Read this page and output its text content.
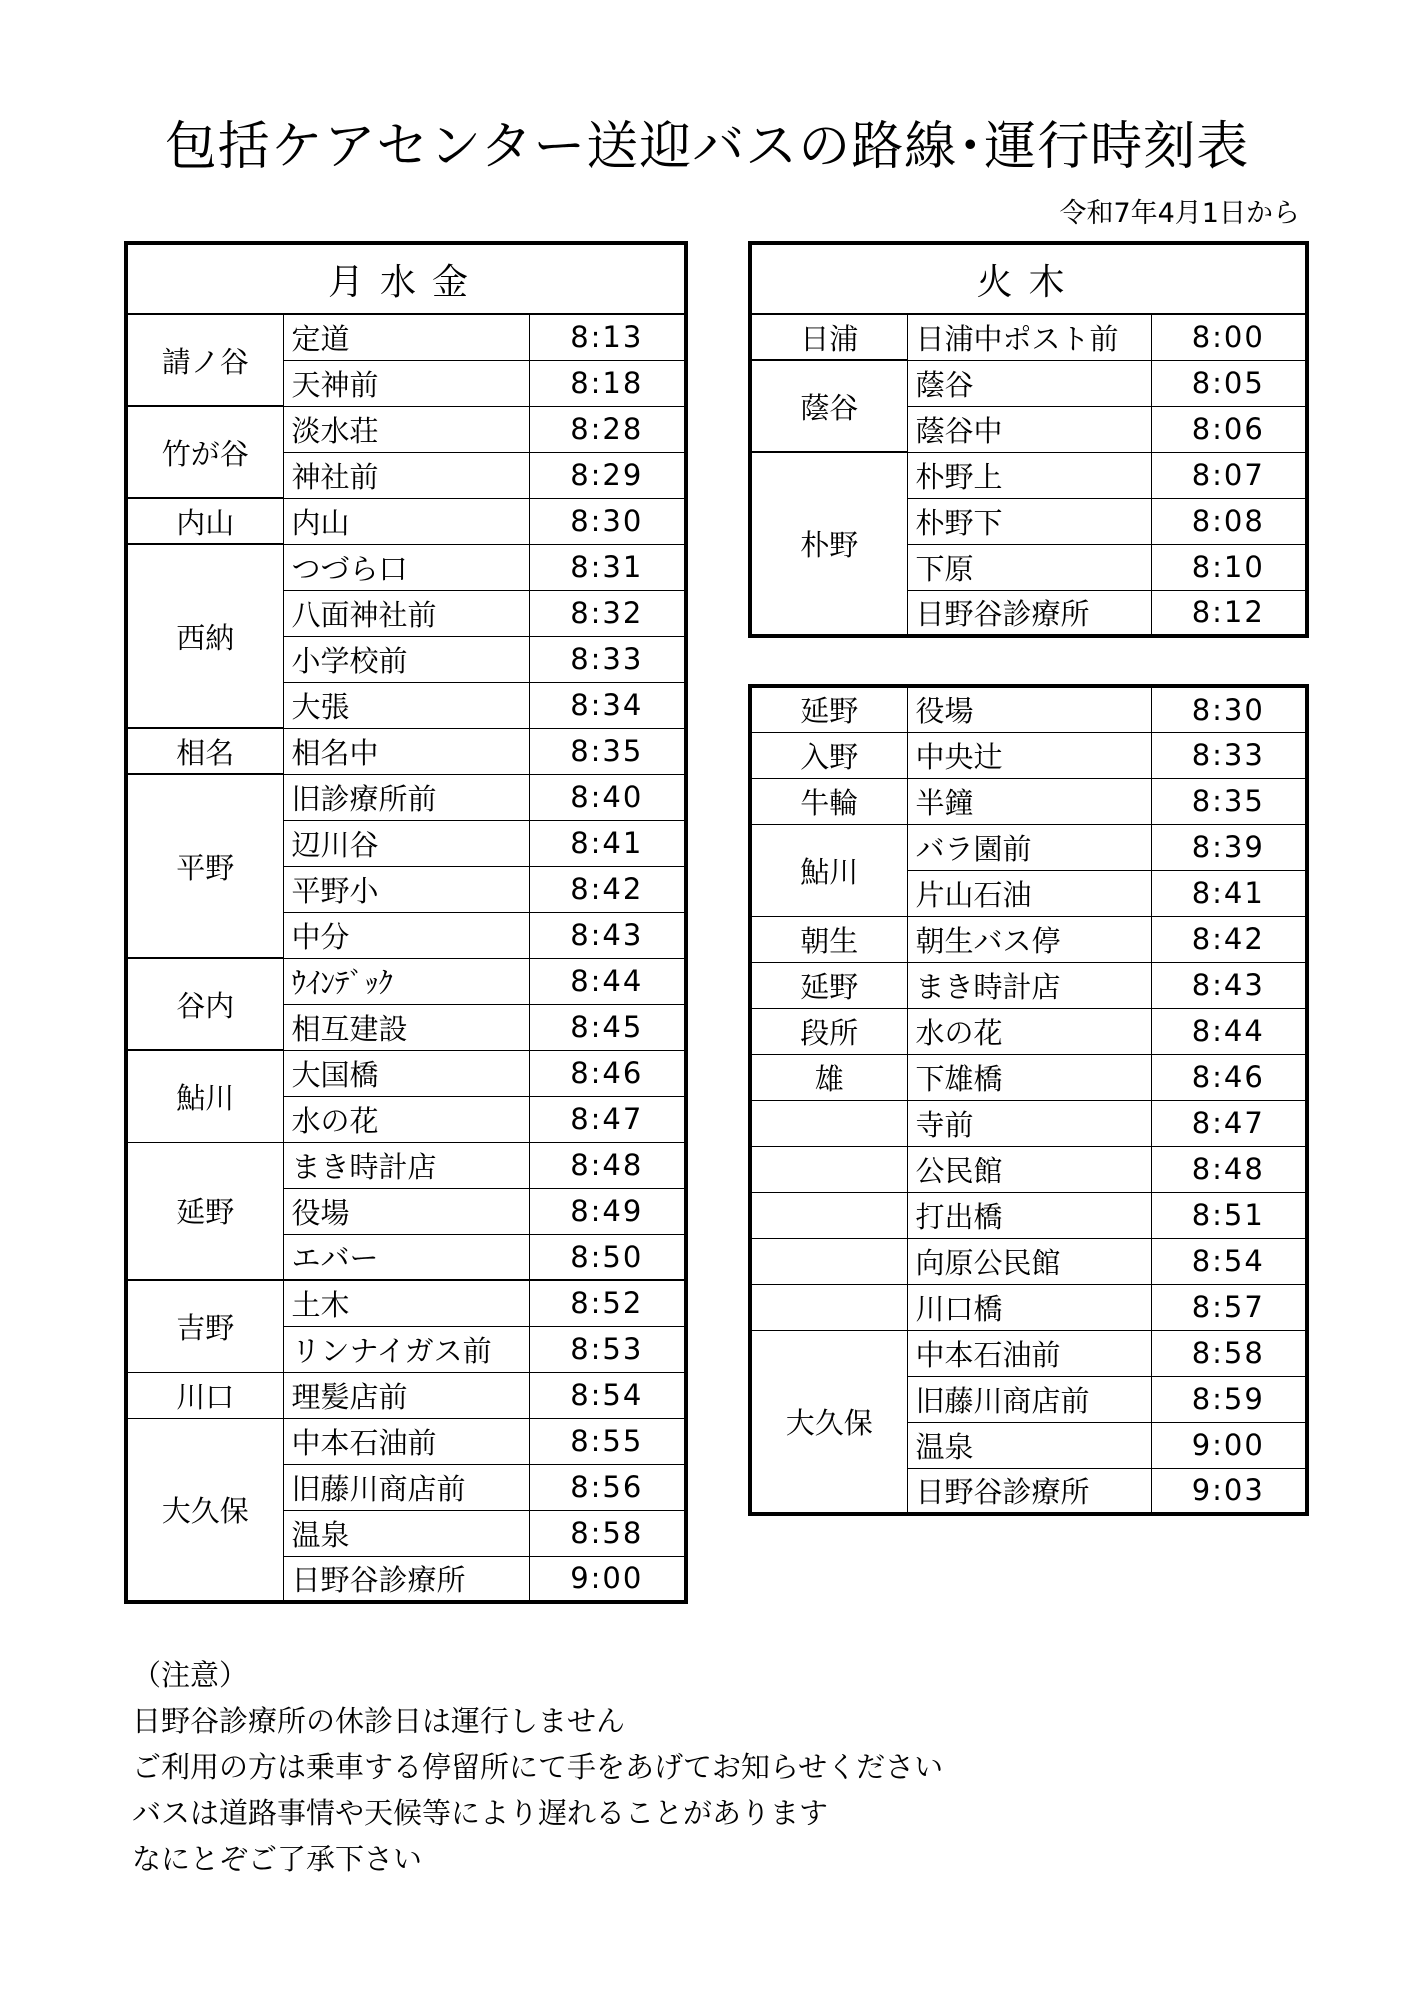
包括ケアセンター送迎バスの路線･運行時刻表
令和7年4月1日から
月水金		
請ノ谷	定道	8:13
	天神前	8:18
竹が谷	淡水荘	8:28
	神社前	8:29
内山	内山	8:30
西納	つづら口	8:31
	八面神社前	8:32
	小学校前	8:33
	大張	8:34
相名	相名中	8:35
平野	旧診療所前	8:40
	辺川谷	8:41
	平野小	8:42
	中分	8:43
谷内	ｳｲﾝﾃﾞｯｸ	8:44
	相互建設	8:45
鮎川	大国橋	8:46
	水の花	8:47
延野	まき時計店	8:48
	役場	8:49
	エバー	8:50
吉野	土木	8:52
	リンナイガス前	8:53
川口	理髪店前	8:54
大久保	中本石油前	8:55
	旧藤川商店前	8:56
	温泉	8:58
	日野谷診療所	9:00
火木		
日浦	日浦中ポスト前	8:00
蔭谷	蔭谷	8:05
	蔭谷中	8:06
朴野	朴野上	8:07
	朴野下	8:08
	下原	8:10
	日野谷診療所	8:12
延野	役場	8:30
入野	中央辻	8:33
牛輪	半鐘	8:35
鮎川	バラ園前	8:39
	片山石油	8:41
朝生	朝生バス停	8:42
延野	まき時計店	8:43
段所	水の花	8:44
雄	下雄橋	8:46
	寺前	8:47
	公民館	8:48
	打出橋	8:51
	向原公民館	8:54
	川口橋	8:57
大久保	中本石油前	8:58
	旧藤川商店前	8:59
	温泉	9:00
	日野谷診療所	9:03
（注意）
日野谷診療所の休診日は運行しません
ご利用の方は乗車する停留所にて手をあげてお知らせください
バスは道路事情や天候等により遅れることがあります
なにとぞご了承下さい
